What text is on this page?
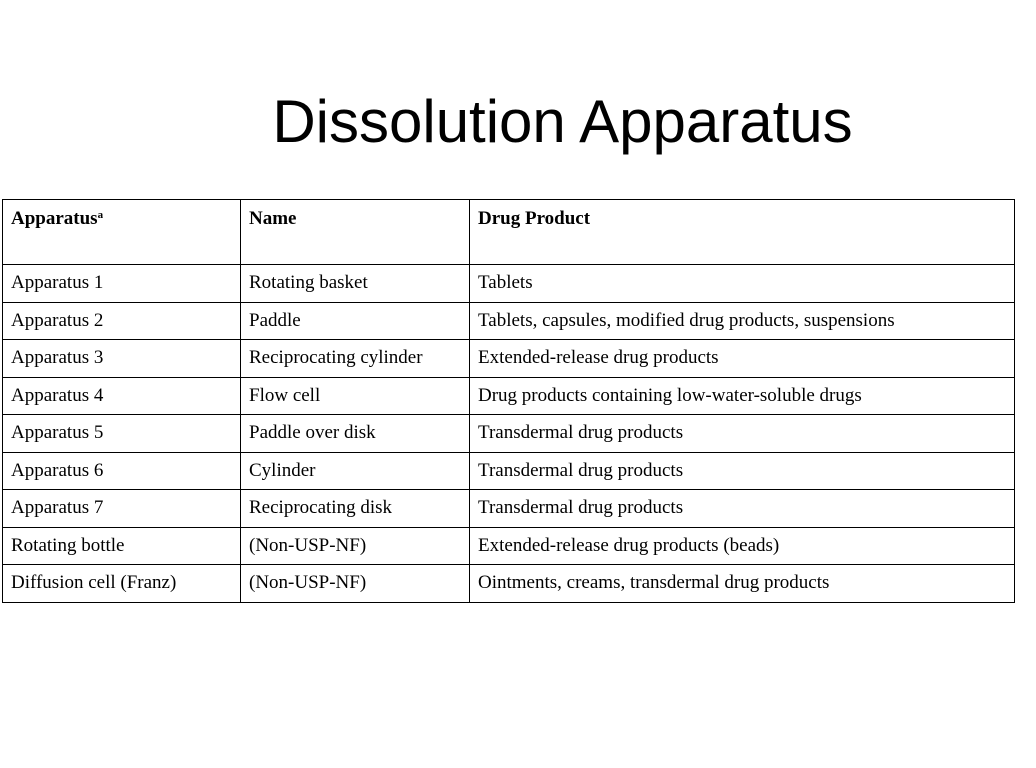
Dissolution Apparatus
Apparatus$^a$	Name	Drug Product
Apparatus 1	Rotating basket	Tablets
Apparatus 2	Paddle	Tablets, capsules, modified drug products, suspensions
Apparatus 3	Reciprocating cylinder	Extended-release drug products
Apparatus 4	Flow cell	Drug products containing low-water-soluble drugs
Apparatus 5	Paddle over disk	Transdermal drug products
Apparatus 6	Cylinder	Transdermal drug products
Apparatus 7	Reciprocating disk	Transdermal drug products
Rotating bottle	(Non-USP-NF)	Extended-release drug products (beads)
Diffusion cell (Franz)	(Non-USP-NF)	Ointments, creams, transdermal drug products
